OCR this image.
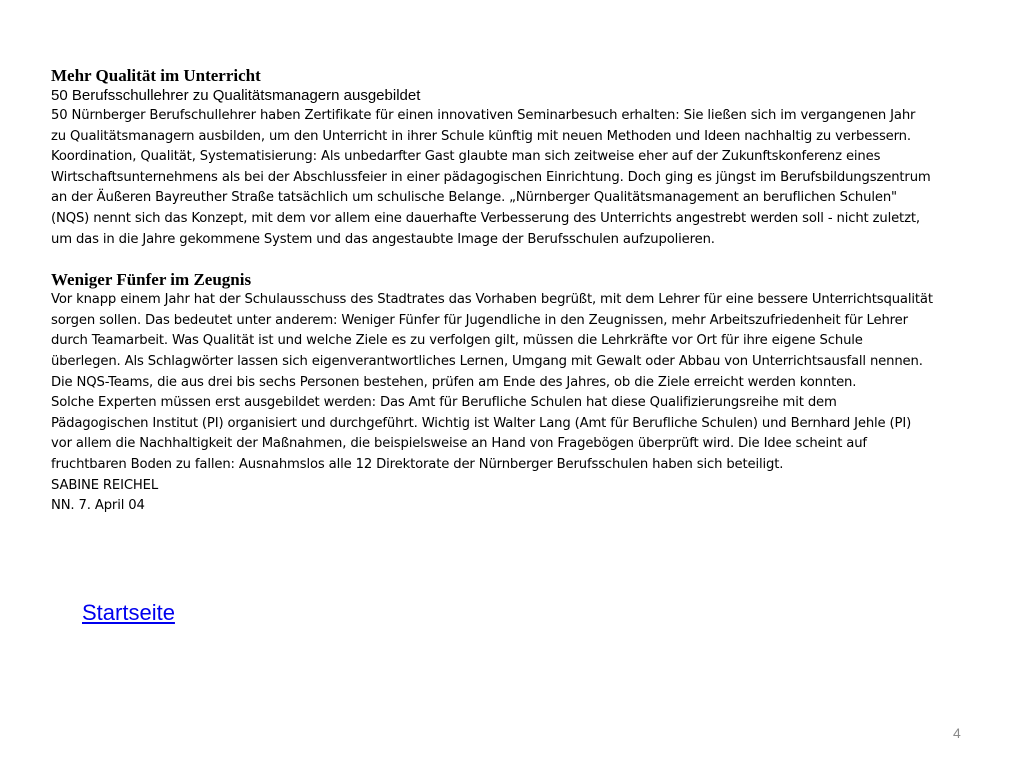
Mehr Qualität im Unterricht

50 Berufsschullehrer zu Qualitätsmanagern ausgebildet

50 Nürnberger Berufschullehrer haben Zertifikate für einen innovativen Seminarbesuch erhalten: Sie ließen sich im vergangenen Jahr
zu Qualitätsmanagern ausbilden, um den Unterricht in ihrer Schule künftig mit neuen Methoden und Ideen nachhaltig zu verbessern.
Koordination, Qualität, Systematisierung: Als unbedarfter Gast glaubte man sich zeitweise eher auf der Zukunftskonferenz eines
Wirtschaftsunternehmens als bei der Abschlussfeier in einer pädagogischen Einrichtung. Doch ging es jüngst im Berufsbildungszentrum
an der Äußeren Bayreuther Straße tatsächlich um schulische Belange. „Nürnberger Qualitätsmanagement an beruflichen Schulen"
(NQS) nennt sich das Konzept, mit dem vor allem eine dauerhafte Verbesserung des Unterrichts angestrebt werden soll - nicht zuletzt,
um das in die Jahre gekommene System und das angestaubte Image der Berufsschulen aufzupolieren.

Weniger Fünfer im Zeugnis

Vor knapp einem Jahr hat der Schulausschuss des Stadtrates das Vorhaben begrüßt, mit dem Lehrer für eine bessere Unterrichtsqualität
sorgen sollen. Das bedeutet unter anderem: Weniger Fünfer für Jugendliche in den Zeugnissen, mehr Arbeitszufriedenheit für Lehrer
durch Teamarbeit. Was Qualität ist und welche Ziele es zu verfolgen gilt, müssen die Lehrkräfte vor Ort für ihre eigene Schule
überlegen. Als Schlagwörter lassen sich eigenverantwortliches Lernen, Umgang mit Gewalt oder Abbau von Unterrichtsausfall nennen.
Die NQS-Teams, die aus drei bis sechs Personen bestehen, prüfen am Ende des Jahres, ob die Ziele erreicht werden konnten.
Solche Experten müssen erst ausgebildet werden: Das Amt für Berufliche Schulen hat diese Qualifizierungsreihe mit dem
Pädagogischen Institut (PI) organisiert und durchgeführt. Wichtig ist Walter Lang (Amt für Berufliche Schulen) und Bernhard Jehle (PI)
vor allem die Nachhaltigkeit der Maßnahmen, die beispielsweise an Hand von Fragebögen überprüft wird. Die Idee scheint auf
fruchtbaren Boden zu fallen: Ausnahmslos alle 12 Direktorate der Nürnberger Berufsschulen haben sich beteiligt.
SABINE REICHEL
NN. 7. April 04

Startseite
4
